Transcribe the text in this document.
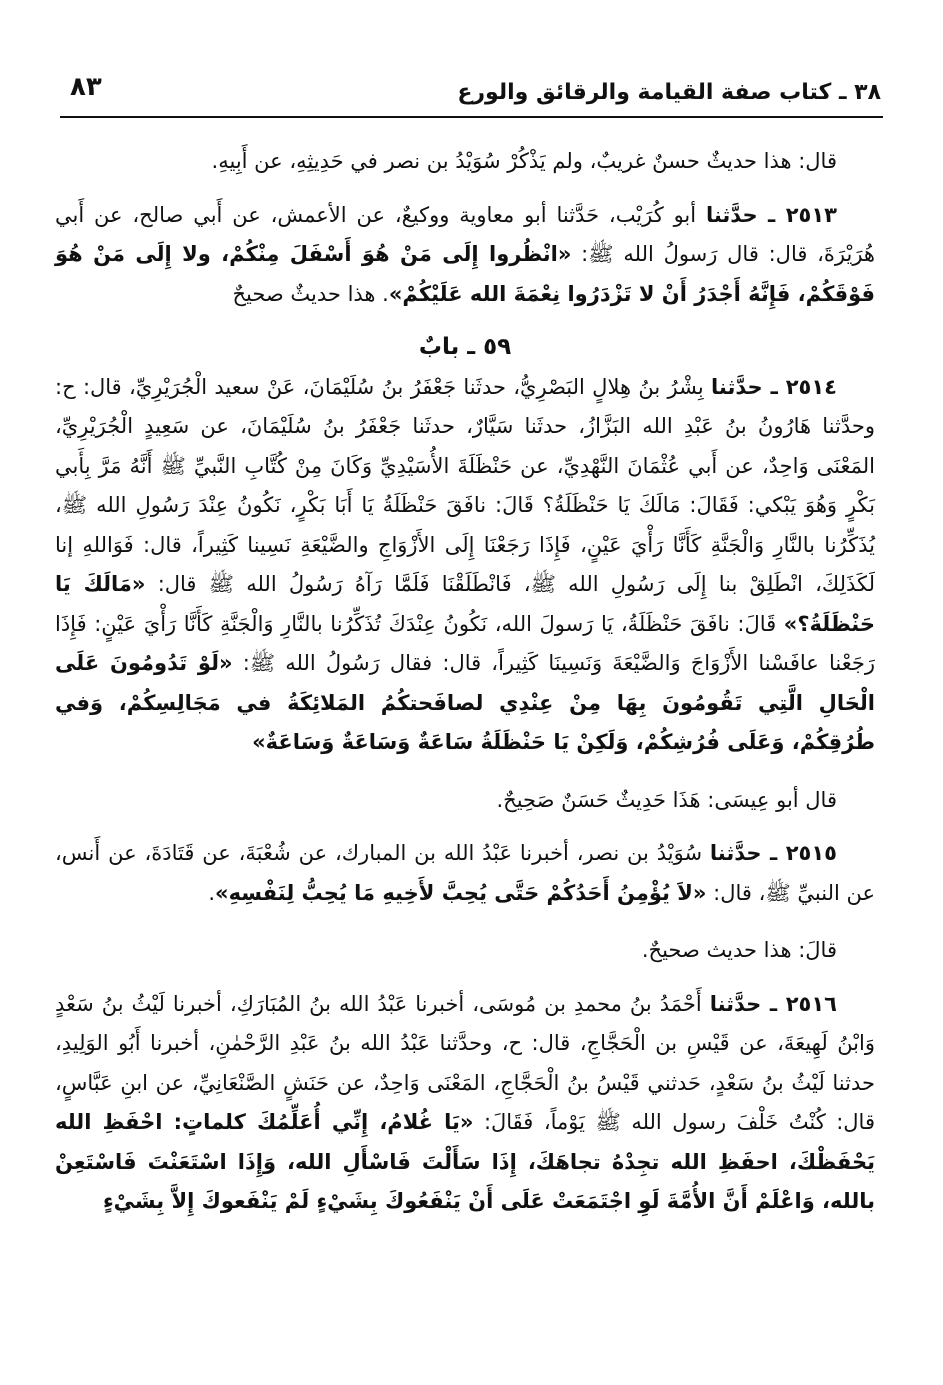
٨٣	٣٨ ـ كتاب صفة القيامة والرقائق والورع

قال: هذا حديثٌ حسنٌ غريبٌ، ولم يَذْكُرْ سُوَيْدُ بن نصر في حَدِيثِهِ، عن أَبِيهِ.

٢٥١٣ ـ حدَّثنا أبو كُرَيْب، حَدَّثنا أبو معاوية ووكيعٌ، عن الأعمش، عن أَبي صالح، عن أَبي هُرَيْرَةَ، قال: قال رَسولُ الله ﷺ: «انْظُروا إِلَى مَنْ هُوَ أَسْفَلَ مِنْكُمْ، ولا إِلَى مَنْ هُوَ فَوْقَكُمْ، فَإِنَّهُ أَجْدَرُ أَنْ لا تَزْدَرُوا نِعْمَةَ الله عَلَيْكُمْ». هذا حديثٌ صحيحٌ

٥٩ ـ بابٌ

٢٥١٤ ـ حدَّثنا بِشْرُ بنُ هِلالٍ البَصْرِيُّ، حدثَنا جَعْفَرُ بنُ سُلَيْمَانَ، عَنْ سعيد الْجُرَيْرِيِّ، قال: ح: وحدَّثنا هَارُونُ بنُ عَبْدِ الله البَزَّازُ، حدثَنا سَيَّارٌ، حدثَنا جَعْفَرُ بنُ سُلَيْمَانَ، عن سَعِيدٍ الْجُرَيْرِيِّ، المَعْنَى وَاحِدٌ، عن أَبي عُثْمَانَ النَّهْدِيِّ، عن حَنْظَلَةَ الأُسَيْدِيِّ وَكَانَ مِنْ كُتَّابِ النَّبيِّ ﷺ أَنَّهُ مَرَّ بِأَبي بَكْرٍ وَهُوَ يَبْكي: فَقَالَ: مَالَكَ يَا حَنْظَلَةُ؟ قَالَ: نافَقَ حَنْظَلَةُ يَا أَبَا بَكْرٍ، نَكُونُ عِنْدَ رَسُولِ الله ﷺ، يُذَكِّرُنا بالنَّارِ وَالْجَنَّةِ كَأَنَّا رَأْيَ عَيْنٍ، فَإِذَا رَجَعْنَا إِلَى الأَزْوَاجِ والضَّيْعَةِ نَسِينا كَثِيراً، قال: فَوَاللهِ إنا لَكَذَلِكَ، انْطَلِقْ بنا إِلَى رَسُولِ الله ﷺ، فَانْطَلَقْنَا فَلَمَّا رَآهُ رَسُولُ الله ﷺ قال: «مَالَكَ يَا حَنْظَلَةُ؟» قَالَ: نافَقَ حَنْظَلَةُ، يَا رَسولَ الله، نَكُونُ عِنْدَكَ تُذَكِّرُنا بالنَّارِ وَالْجَنَّةِ كَأَنَّا رَأْيَ عَيْنٍ: فَإِذَا رَجَعْنا عافَسْنا الأَزْوَاجَ وَالضَّيْعَةَ وَنَسِينَا كَثِيراً، قال: فقال رَسُولُ الله ﷺ: «لَوْ تَدُومُونَ عَلَى الْحَالِ الَّتِي تَقُومُونَ بِهَا مِنْ عِنْدِي لصافَحتكُمُ المَلائِكَةُ في مَجَالِسِكُمْ، وَفي طُرُقِكُمْ، وَعَلَى فُرُشِكُمْ، وَلَكِنْ يَا حَنْظَلَةُ سَاعَةٌ وَسَاعَةٌ وَسَاعَةٌ»

قال أبو عِيسَى: هَذَا حَدِيثٌ حَسَنٌ صَحِيحٌ.

٢٥١٥ ـ حدَّثنا سُوَيْدُ بن نصر، أخبرنا عَبْدُ الله بن المبارك، عن شُعْبَةَ، عن قَتَادَةَ، عن أَنس، عن النبيِّ ﷺ، قال: «لاَ يُؤْمِنُ أَحَدُكُمْ حَتَّى يُحِبَّ لأَخِيهِ مَا يُحِبُّ لِنَفْسِهِ».

قالَ: هذا حديث صحيحٌ.

٢٥١٦ ـ حدَّثنا أَحْمَدُ بنُ محمدِ بن مُوسَى، أخبرنا عَبْدُ الله بنُ المُبَارَكِ، أخبرنا لَيْثُ بنُ سَعْدٍ وَابْنُ لَهِيعَةَ، عن قَيْسِ بن الْحَجَّاجِ، قال: ح، وحدَّثنا عَبْدُ الله بنُ عَبْدِ الرَّحْمٰنِ، أخبرنا أَبُو الوَلِيدِ، حدثنا لَيْثُ بنُ سَعْدٍ، حَدثني قَيْسُ بنُ الْحَجَّاجِ، المَعْنَى وَاحِدٌ، عن حَنَشٍ الصَّنْعَانِيِّ، عن ابنِ عَبَّاسٍ، قال: كُنْتُ خَلْفَ رسول الله ﷺ يَوْماً، فَقَالَ: «يَا غُلامُ، إِنِّي أُعَلِّمُكَ كلماتٍ: احْفَظِ الله يَحْفَظْكَ، احفَظِ الله تجِدْهُ تجاهَكَ، إِذَا سَأَلْتَ فَاسْأَلِ الله، وَإِذَا اسْتَعَنْتَ فَاسْتَعِنْ بالله، وَاعْلَمْ أَنَّ الأُمَّةَ لَوِ اجْتَمَعَتْ عَلَى أَنْ يَنْفَعُوكَ بِشَيْءٍ لَمْ يَنْفَعوكَ إِلاَّ بِشَيْءٍ
